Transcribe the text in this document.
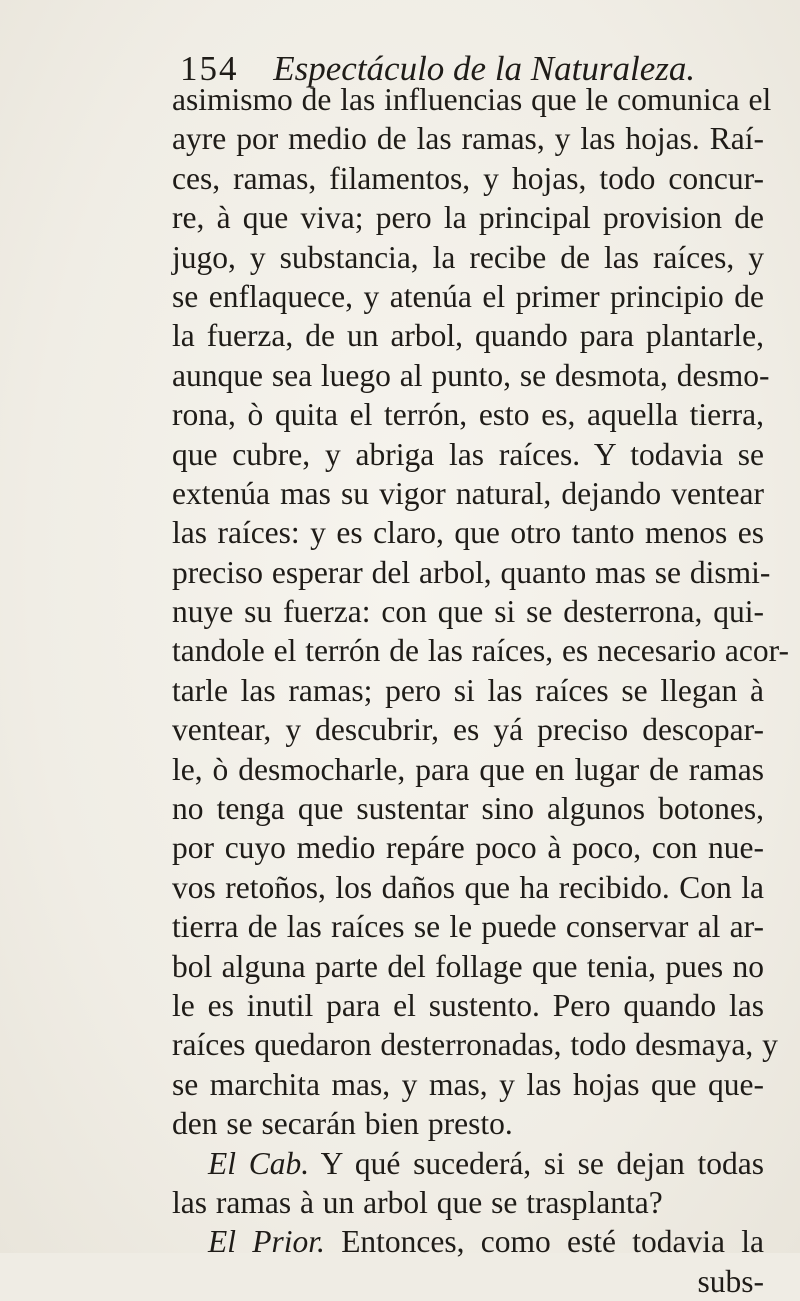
154 Espectáculo de la Naturaleza.
asimismo de las influencias que le comunica el
ayre por medio de las ramas, y las hojas. Raí-
ces, ramas, filamentos, y hojas, todo concur-
re, à que viva; pero la principal provision de
jugo, y substancia, la recibe de las raíces, y
se enflaquece, y atenúa el primer principio de
la fuerza, de un arbol, quando para plantarle,
aunque sea luego al punto, se desmota, desmo-
rona, ò quita el terrón, esto es, aquella tierra,
que cubre, y abriga las raíces. Y todavia se
extenúa mas su vigor natural, dejando ventear
las raíces: y es claro, que otro tanto menos es
preciso esperar del arbol, quanto mas se dismi-
nuye su fuerza: con que si se desterrona, qui-
tandole el terrón de las raíces, es necesario acor-
tarle las ramas; pero si las raíces se llegan à
ventear, y descubrir, es yá preciso descopar-
le, ò desmocharle, para que en lugar de ramas
no tenga que sustentar sino algunos botones,
por cuyo medio repáre poco à poco, con nue-
vos retoños, los daños que ha recibido. Con la
tierra de las raíces se le puede conservar al ar-
bol alguna parte del follage que tenia, pues no
le es inutil para el sustento. Pero quando las
raíces quedaron desterronadas, todo desmaya, y
se marchita mas, y mas, y las hojas que que-
den se secarán bien presto.
El Cab. Y qué sucederá, si se dejan todas
las ramas à un arbol que se trasplanta?
El Prior. Entonces, como esté todavia la
subs-
